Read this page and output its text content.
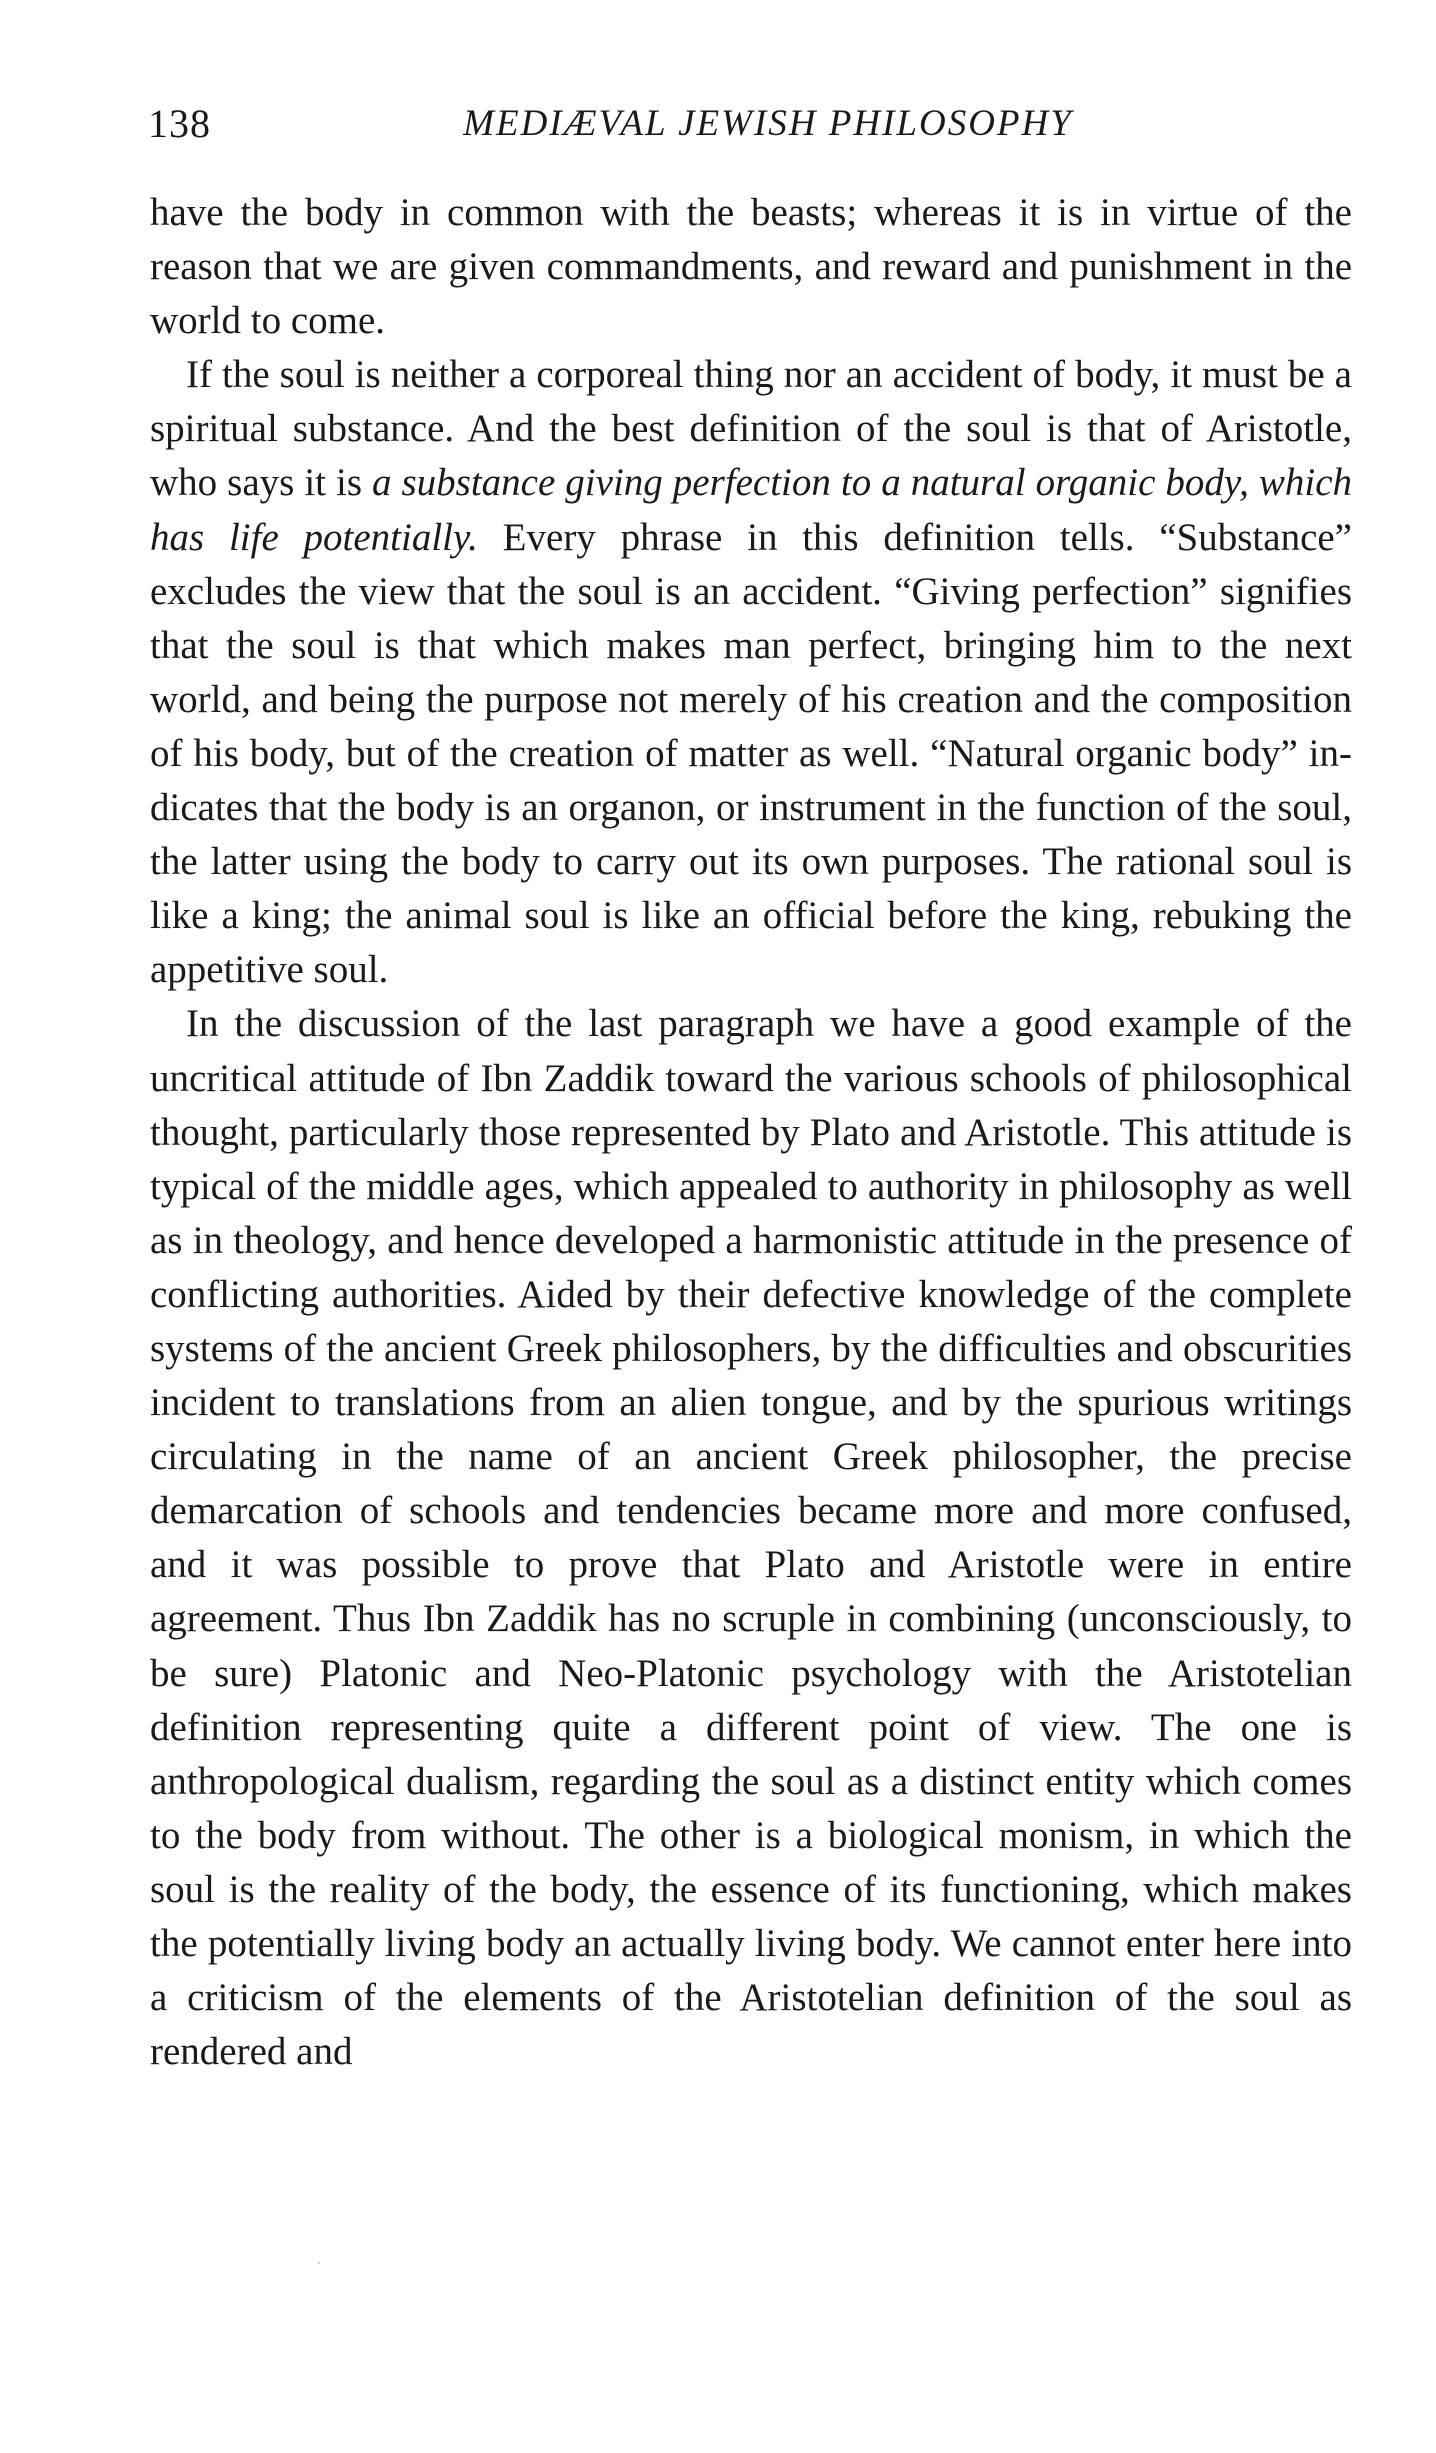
138	MEDIÆVAL JEWISH PHILOSOPHY

have the body in common with the beasts; whereas it is in virtue of the reason that we are given commandments, and reward and punishment in the world to come.

If the soul is neither a corporeal thing nor an accident of body, it must be a spiritual substance. And the best definition of the soul is that of Aristotle, who says it is a substance giving perfection to a natural organic body, which has life potentially. Every phrase in this definition tells. “Substance” excludes the view that the soul is an accident. “Giving perfection” signifies that the soul is that which makes man perfect, bringing him to the next world, and being the purpose not merely of his creation and the composition of his body, but of the creation of matter as well. “Natural organic body” indicates that the body is an organon, or instrument in the function of the soul, the latter using the body to carry out its own purposes. The rational soul is like a king; the animal soul is like an official before the king, rebuking the appetitive soul.

In the discussion of the last paragraph we have a good example of the uncritical attitude of Ibn Zaddik toward the various schools of philosophical thought, particularly those represented by Plato and Aristotle. This attitude is typical of the middle ages, which appealed to authority in philosophy as well as in theology, and hence developed a harmonistic attitude in the presence of conflicting authorities. Aided by their defective knowledge of the complete systems of the ancient Greek philosophers, by the difficulties and obscurities incident to translations from an alien tongue, and by the spurious writings circulating in the name of an ancient Greek philosopher, the precise demarcation of schools and tendencies became more and more confused, and it was possible to prove that Plato and Aristotle were in entire agreement. Thus Ibn Zaddik has no scruple in combining (unconsciously, to be sure) Platonic and Neo-Platonic psychology with the Aristotelian definition representing quite a different point of view. The one is anthropological dualism, regarding the soul as a distinct entity which comes to the body from without. The other is a biological monism, in which the soul is the reality of the body, the essence of its functioning, which makes the potentially living body an actually living body. We cannot enter here into a criticism of the elements of the Aristotelian definition of the soul as rendered and
